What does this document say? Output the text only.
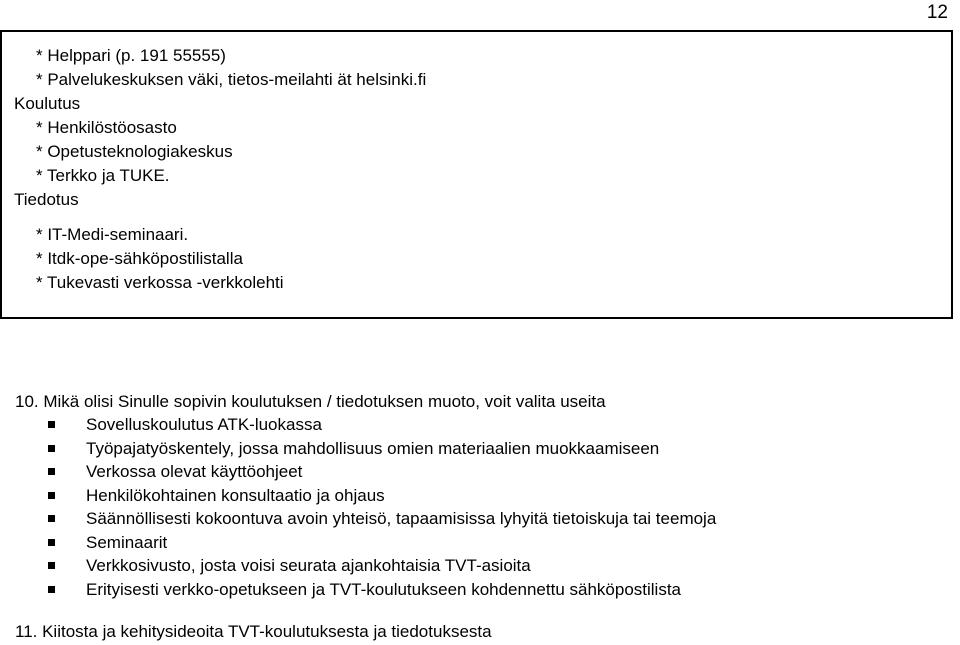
12
* Helppari (p. 191 55555)
* Palvelukeskuksen väki, tietos-meilahti ät helsinki.fi
Koulutus
* Henkilöstöosasto
* Opetusteknologiakeskus
* Terkko ja TUKE.
Tiedotus
* IT-Medi-seminaari.
* Itdk-ope-sähköpostilistalla
* Tukevasti verkossa -verkkolehti
10. Mikä olisi Sinulle sopivin koulutuksen / tiedotuksen muoto, voit valita useita
Sovelluskoulutus ATK-luokassa
Työpajatyöskentely, jossa mahdollisuus omien materiaalien muokkaamiseen
Verkossa olevat käyttöohjeet
Henkilökohtainen konsultaatio ja ohjaus
Säännöllisesti kokoontuva avoin yhteisö, tapaamisissa lyhyitä tietoiskuja tai teemoja
Seminaarit
Verkkosivusto, josta voisi seurata ajankohtaisia TVT-asioita
Erityisesti verkko-opetukseen ja TVT-koulutukseen kohdennettu sähköpostilista
11. Kiitosta ja kehitysideoita TVT-koulutuksesta ja tiedotuksesta
